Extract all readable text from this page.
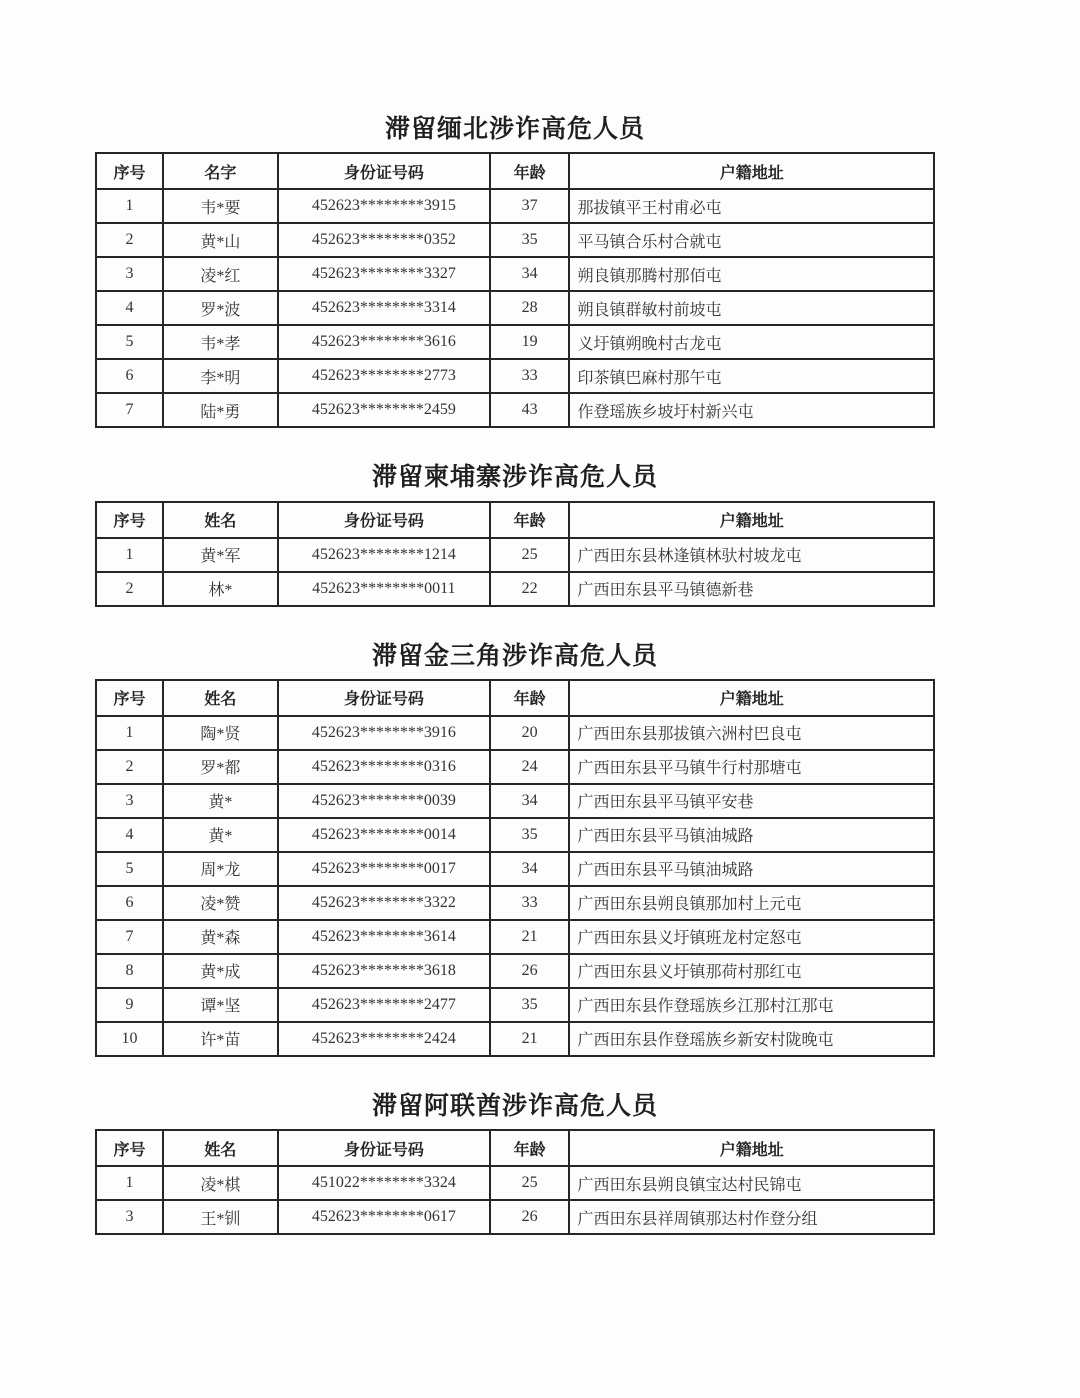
滞留缅北涉诈高危人员
序号	名字	身份证号码	年龄	户籍地址
1	韦*要	452623********3915	37	那拔镇平王村甫必屯
2	黄*山	452623********0352	35	平马镇合乐村合就屯
3	凌*红	452623********3327	34	朔良镇那腾村那佰屯
4	罗*波	452623********3314	28	朔良镇群敏村前坡屯
5	韦*孝	452623********3616	19	义圩镇朔晚村古龙屯
6	李*明	452623********2773	33	印茶镇巴麻村那午屯
7	陆*勇	452623********2459	43	作登瑶族乡坡圩村新兴屯
滞留柬埔寨涉诈高危人员
序号	姓名	身份证号码	年龄	户籍地址
1	黄*军	452623********1214	25	广西田东县林逢镇林驮村坡龙屯
2	林*	452623********0011	22	广西田东县平马镇德新巷
滞留金三角涉诈高危人员
序号	姓名	身份证号码	年龄	户籍地址
1	陶*贤	452623********3916	20	广西田东县那拔镇六洲村巴良屯
2	罗*都	452623********0316	24	广西田东县平马镇牛行村那塘屯
3	黄*	452623********0039	34	广西田东县平马镇平安巷
4	黄*	452623********0014	35	广西田东县平马镇油城路
5	周*龙	452623********0017	34	广西田东县平马镇油城路
6	凌*赞	452623********3322	33	广西田东县朔良镇那加村上元屯
7	黄*森	452623********3614	21	广西田东县义圩镇班龙村定怒屯
8	黄*成	452623********3618	26	广西田东县义圩镇那荷村那红屯
9	谭*坚	452623********2477	35	广西田东县作登瑶族乡江那村江那屯
10	许*苗	452623********2424	21	广西田东县作登瑶族乡新安村陇晚屯
滞留阿联酋涉诈高危人员
序号	姓名	身份证号码	年龄	户籍地址
1	凌*棋	451022********3324	25	广西田东县朔良镇宝达村民锦屯
3	王*钏	452623********0617	26	广西田东县祥周镇那达村作登分组
